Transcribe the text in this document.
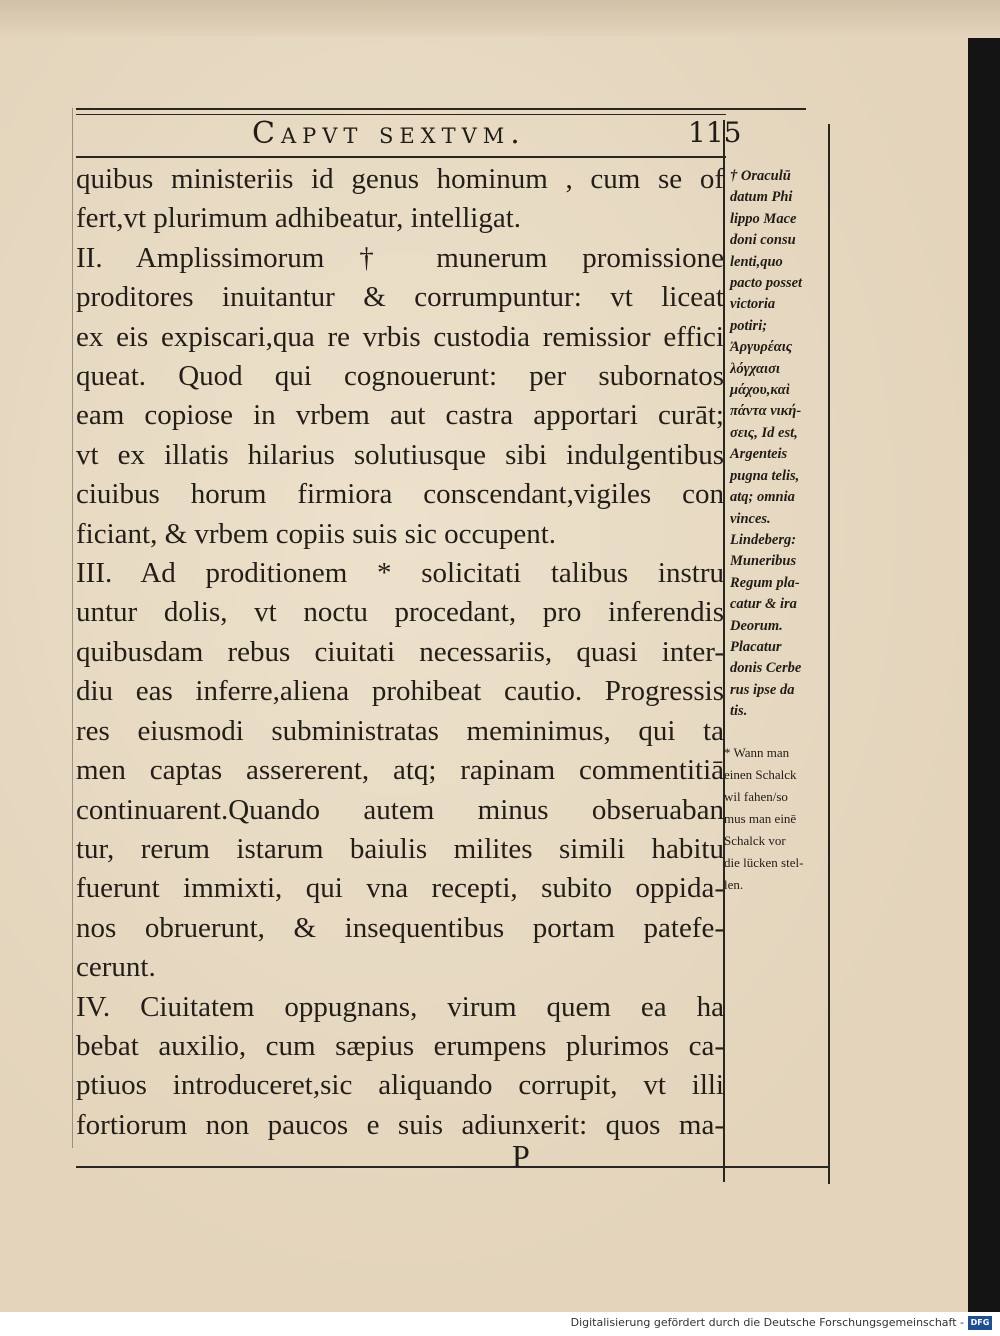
Capvt sextvm.	115
quibus ministeriis id genus hominum , cum se of
fert,vt plurimum adhibeatur, intelligat.
II. Amplissimorum † munerum promissione
proditores inuitantur & corrumpuntur: vt liceat
ex eis expiscari,qua re vrbis custodia remissior effici
queat. Quod qui cognouerunt: per subornatos
eam copiose in vrbem aut castra apportari curāt;
vt ex illatis hilarius solutiusque sibi indulgentibus
ciuibus horum firmiora conscendant,vigiles con
ficiant, & vrbem copiis suis sic occupent.
III. Ad proditionem * solicitati talibus instru
untur dolis, vt noctu procedant, pro inferendis
quibusdam rebus ciuitati necessariis, quasi inter-
diu eas inferre,aliena prohibeat cautio. Progressis
res eiusmodi subministratas meminimus, qui ta
men captas assererent, atq; rapinam commentitiā
continuarent.Quando autem minus obseruaban
tur, rerum istarum baiulis milites simili habitu
fuerunt immixti, qui vna recepti, subito oppida-
nos obruerunt, & insequentibus portam patefe-
cerunt.
IV. Ciuitatem oppugnans, virum quem ea ha
bebat auxilio, cum sæpius erumpens plurimos ca-
ptiuos introduceret,sic aliquando corrupit, vt illi
fortiorum non paucos e suis adiunxerit: quos ma-
† Oraculū
datum Phi
lippo Mace
doni consu
lenti,quo
pacto posset
victoria
potiri;
Ἀργυρέαις
λόγχαισι
μάχου,καὶ
πάντα νική-
σεις, Id est,
Argenteis
pugna telis,
atq; omnia
vinces.
Lindeberg:
Muneribus
Regum pla-
catur & ira
Deorum.
Placatur
donis Cerbe
rus ipse da
tis.
* Wann man
einen Schalck
wil fahen/so
mus man einē
Schalck vor
die lücken stel-
len.
P
Digitalisierung gefördert durch die Deutsche Forschungsgemeinschaft - DFG
